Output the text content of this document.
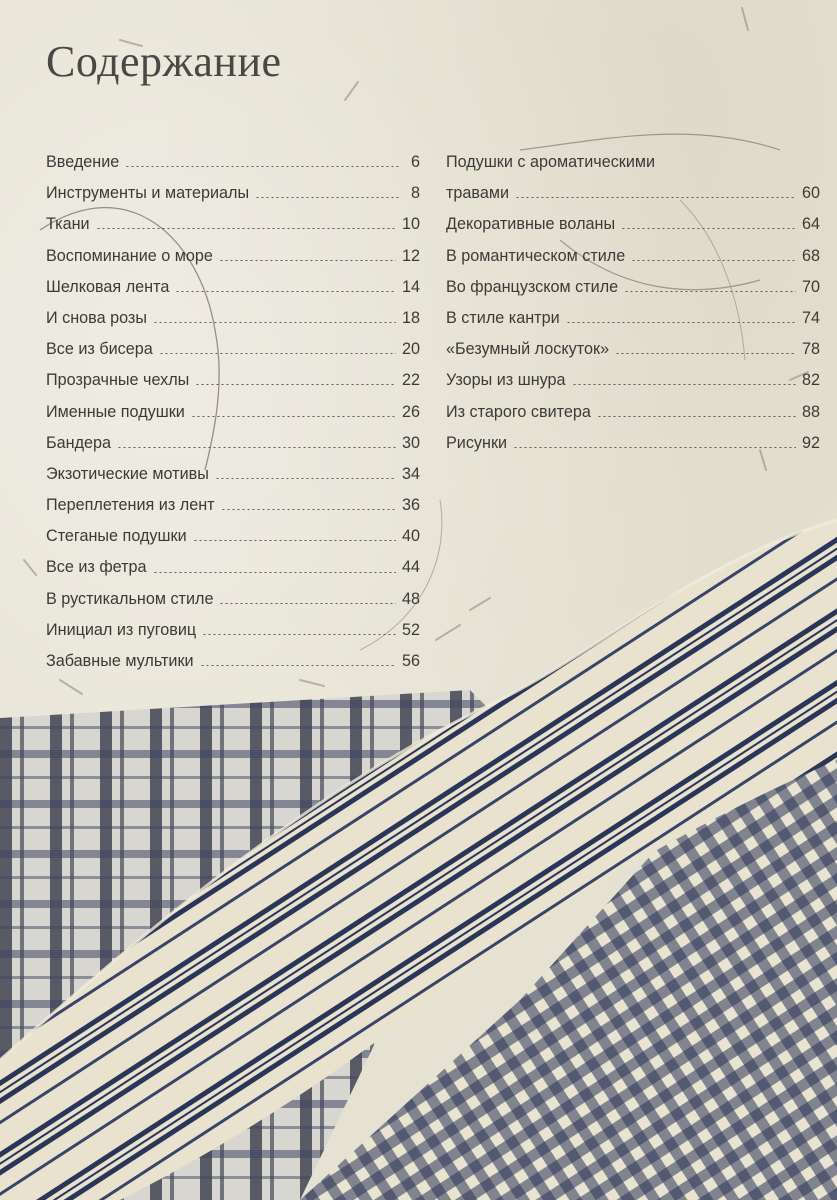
Содержание
Введение	6
Инструменты и материалы	8
Ткани	10
Воспоминание о море	12
Шелковая лента	14
И снова розы	18
Все из бисера	20
Прозрачные чехлы	22
Именные подушки	26
Бандера	30
Экзотические мотивы	34
Переплетения из лент	36
Стеганые подушки	40
Все из фетра	44
В рустикальном стиле	48
Инициал из пуговиц	52
Забавные мультики	56
Подушки с ароматическими
травами	60
Декоративные воланы	64
В романтическом стиле	68
Во французском стиле	70
В стиле кантри	74
«Безумный лоскуток»	78
Узоры из шнура	82
Из старого свитера	88
Рисунки	92
